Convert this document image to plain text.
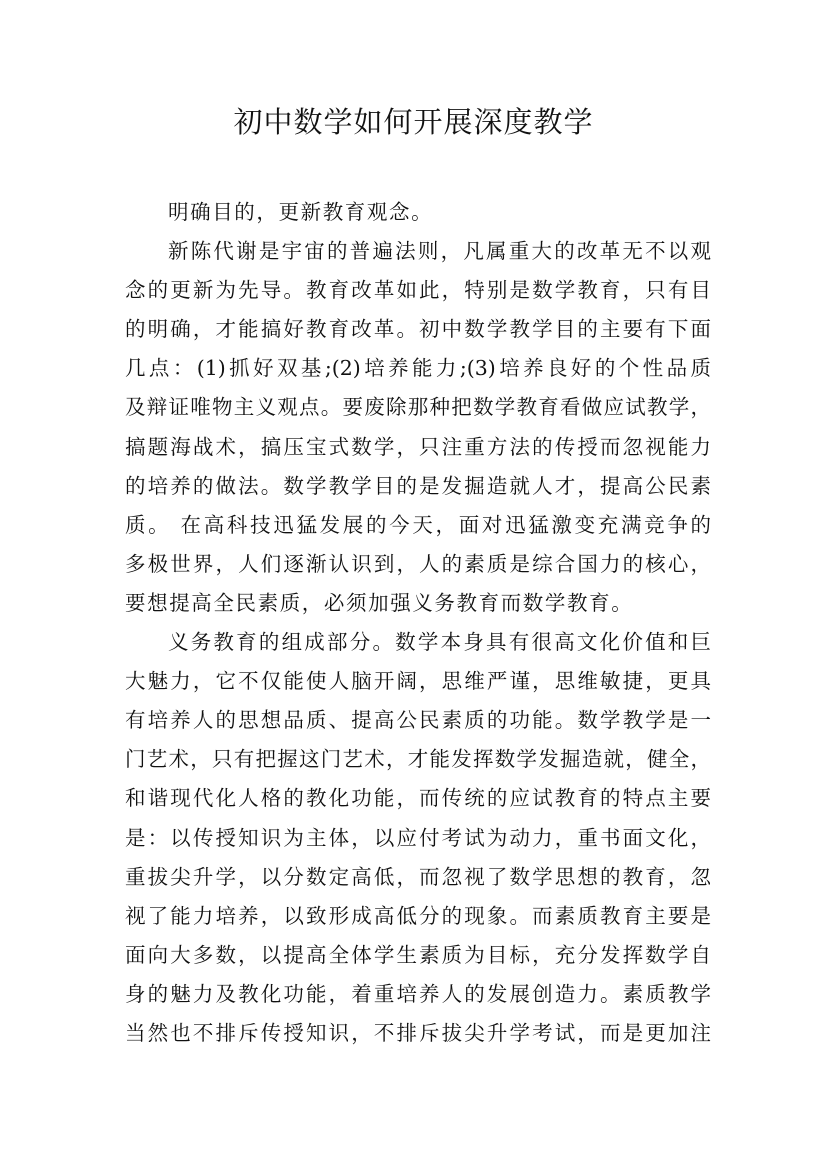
初中数学如何开展深度教学
明确目的，更新教育观念。
新陈代谢是宇宙的普遍法则，凡属重大的改革无不以观
念的更新为先导。教育改革如此，特别是数学教育，只有目
的明确，才能搞好教育改革。初中数学教学目的主要有下面
几点：(1)抓好双基;(2)培养能力;(3)培养良好的个性品质
及辩证唯物主义观点。要废除那种把数学教育看做应试教学，
搞题海战术，搞压宝式数学，只注重方法的传授而忽视能力
的培养的做法。数学教学目的是发掘造就人才，提高公民素
质。 在高科技迅猛发展的今天，面对迅猛激变充满竞争的
多极世界，人们逐渐认识到，人的素质是综合国力的核心，
要想提高全民素质，必须加强义务教育而数学教育。
义务教育的组成部分。数学本身具有很高文化价值和巨
大魅力，它不仅能使人脑开阔，思维严谨，思维敏捷，更具
有培养人的思想品质、提高公民素质的功能。数学教学是一
门艺术，只有把握这门艺术，才能发挥数学发掘造就，健全，
和谐现代化人格的教化功能，而传统的应试教育的特点主要
是：以传授知识为主体，以应付考试为动力，重书面文化，
重拔尖升学，以分数定高低，而忽视了数学思想的教育，忽
视了能力培养，以致形成高低分的现象。而素质教育主要是
面向大多数，以提高全体学生素质为目标，充分发挥数学自
身的魅力及教化功能，着重培养人的发展创造力。素质教学
当然也不排斥传授知识，不排斥拔尖升学考试，而是更加注
